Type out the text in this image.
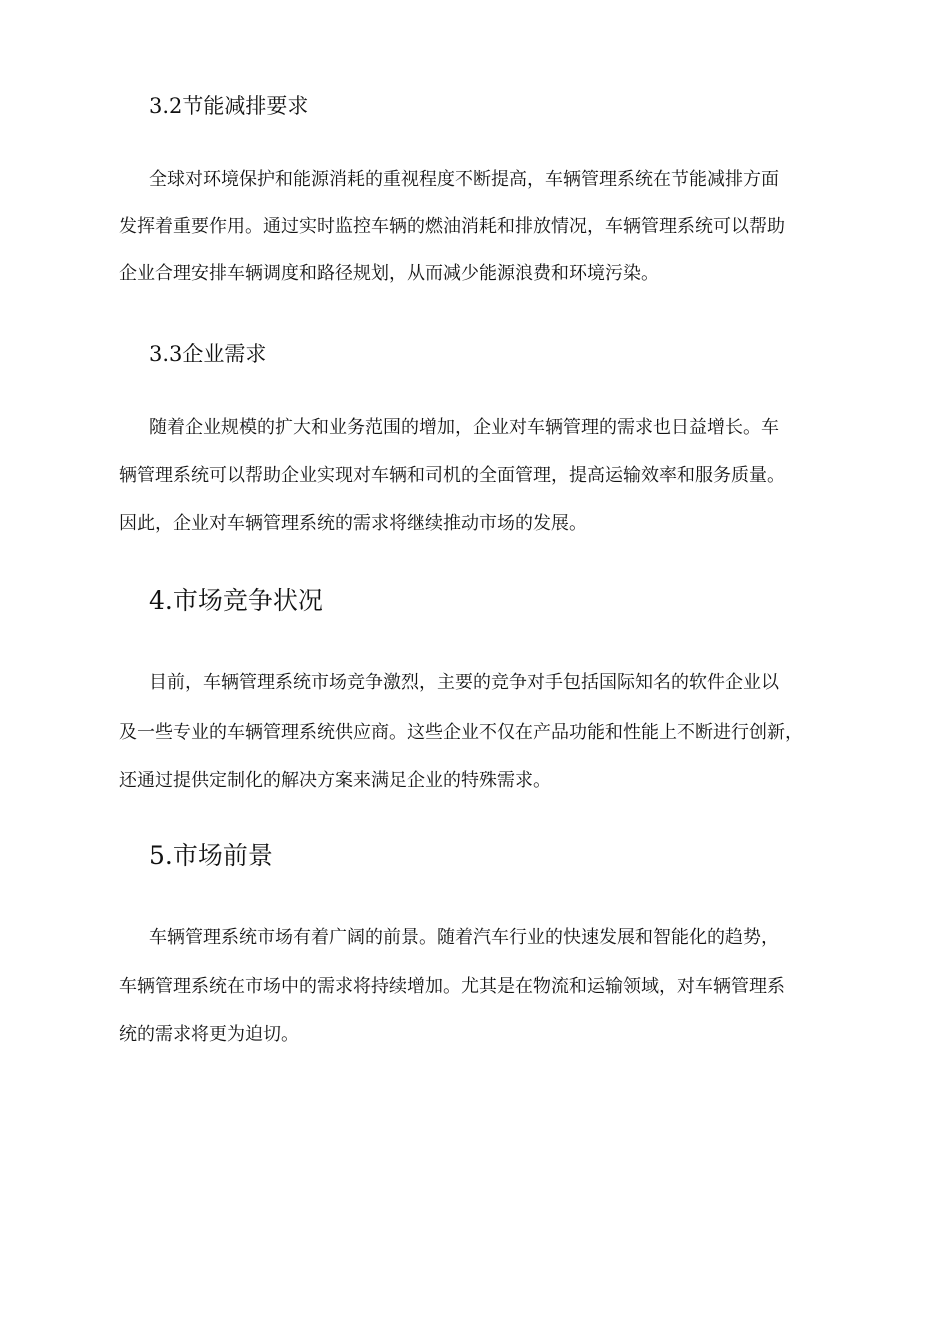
3.2节能减排要求
全球对环境保护和能源消耗的重视程度不断提高，车辆管理系统在节能减排方面
发挥着重要作用。通过实时监控车辆的燃油消耗和排放情况，车辆管理系统可以帮助
企业合理安排车辆调度和路径规划，从而减少能源浪费和环境污染。
3.3企业需求
随着企业规模的扩大和业务范围的增加，企业对车辆管理的需求也日益增长。车
辆管理系统可以帮助企业实现对车辆和司机的全面管理，提高运输效率和服务质量。
因此，企业对车辆管理系统的需求将继续推动市场的发展。
4.市场竞争状况
目前，车辆管理系统市场竞争激烈，主要的竞争对手包括国际知名的软件企业以
及一些专业的车辆管理系统供应商。这些企业不仅在产品功能和性能上不断进行创新，
还通过提供定制化的解决方案来满足企业的特殊需求。
5.市场前景
车辆管理系统市场有着广阔的前景。随着汽车行业的快速发展和智能化的趋势，
车辆管理系统在市场中的需求将持续增加。尤其是在物流和运输领域，对车辆管理系
统的需求将更为迫切。
